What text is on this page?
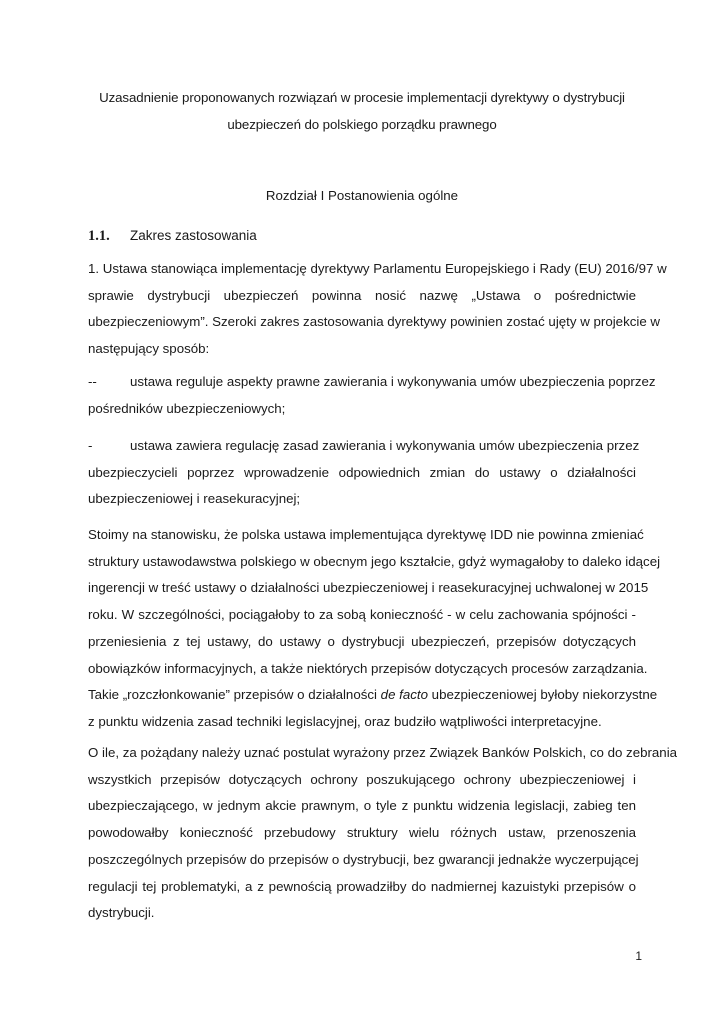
Uzasadnienie proponowanych rozwiązań w procesie implementacji dyrektywy o dystrybucji
ubezpieczeń do polskiego porządku prawnego
Rozdział I Postanowienia ogólne
1.1. Zakres zastosowania
1. Ustawa stanowiąca implementację dyrektywy Parlamentu Europejskiego i Rady (EU) 2016/97 w
sprawie dystrybucji ubezpieczeń powinna nosić nazwę „Ustawa o pośrednictwie
ubezpieczeniowym”. Szeroki zakres zastosowania dyrektywy powinien zostać ujęty w projekcie w
następujący sposób:
-- ustawa reguluje aspekty prawne zawierania i wykonywania umów ubezpieczenia poprzez
pośredników ubezpieczeniowych;
-	ustawa zawiera regulację zasad zawierania i wykonywania umów ubezpieczenia przez
ubezpieczycieli poprzez wprowadzenie odpowiednich zmian do ustawy o działalności
ubezpieczeniowej i reasekuracyjnej;
Stoimy na stanowisku, że polska ustawa implementująca dyrektywę IDD nie powinna zmieniać
struktury ustawodawstwa polskiego w obecnym jego kształcie, gdyż wymagałoby to daleko idącej
ingerencji w treść ustawy o działalności ubezpieczeniowej i reasekuracyjnej uchwalonej w 2015
roku. W szczególności, pociągałoby to za sobą konieczność - w celu zachowania spójności -
przeniesienia z tej ustawy, do ustawy o dystrybucji ubezpieczeń, przepisów dotyczących
obowiązków informacyjnych, a także niektórych przepisów dotyczących procesów zarządzania.
Takie „rozczłonkowanie” przepisów o działalności de facto ubezpieczeniowej byłoby niekorzystne
z punktu widzenia zasad techniki legislacyjnej, oraz budziło wątpliwości interpretacyjne.
O ile, za pożądany należy uznać postulat wyrażony przez Związek Banków Polskich, co do zebrania
wszystkich przepisów dotyczących ochrony poszukującego ochrony ubezpieczeniowej i
ubezpieczającego, w jednym akcie prawnym, o tyle z punktu widzenia legislacji, zabieg ten
powodowałby konieczność przebudowy struktury wielu różnych ustaw, przenoszenia
poszczególnych przepisów do przepisów o dystrybucji, bez gwarancji jednakże wyczerpującej
regulacji tej problematyki, a z pewnością prowadziłby do nadmiernej kazuistyki przepisów o
dystrybucji.
1
